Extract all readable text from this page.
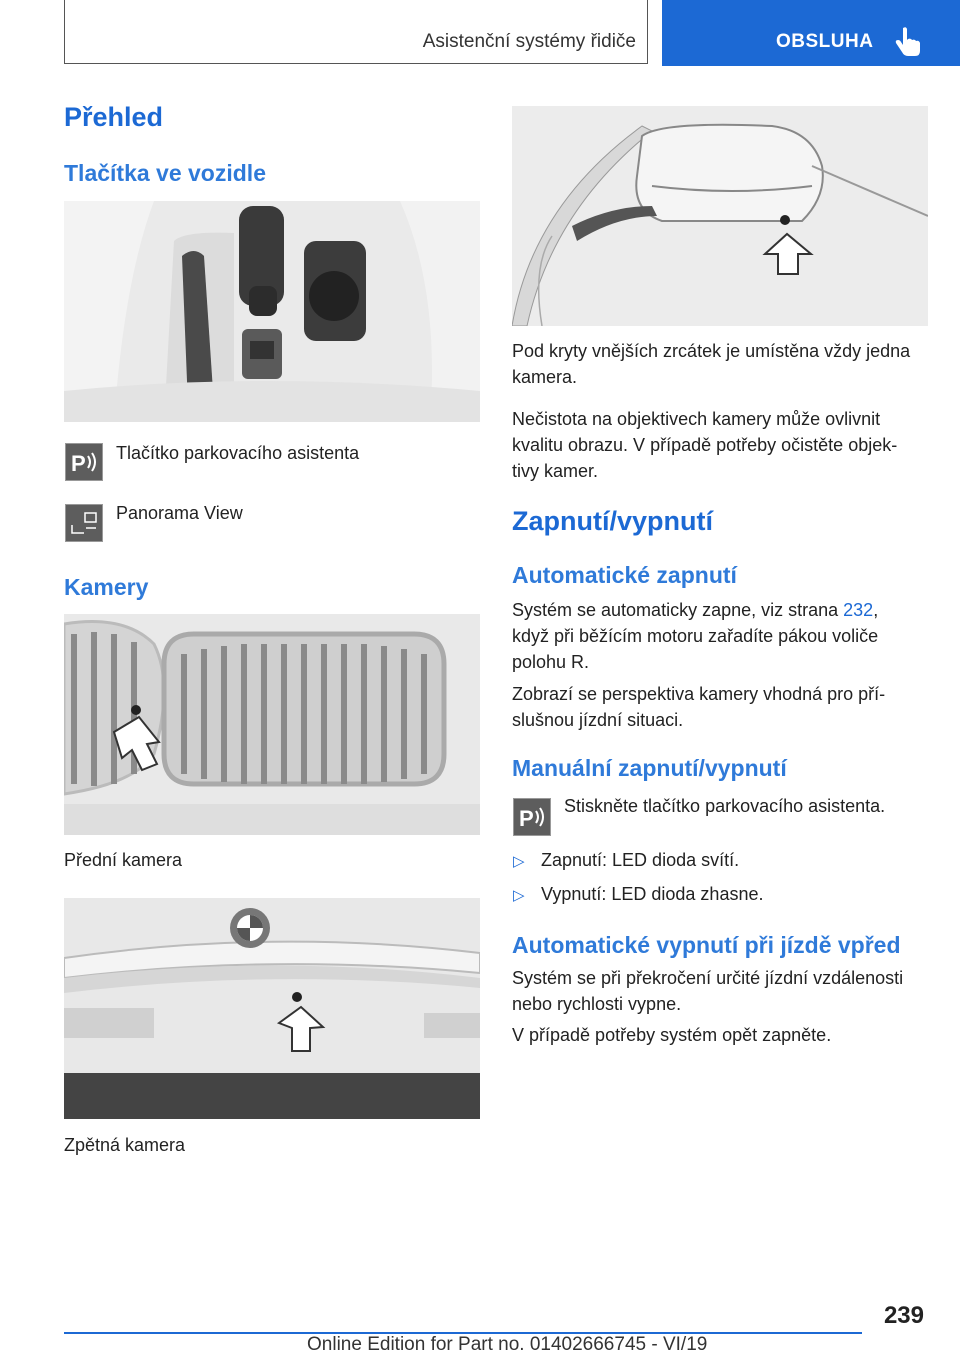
Asistenční systémy řidiče	OBSLUHA
Přehled
Tlačítka ve vozidle
P Tlačítko parkovacího asistenta
Panorama View
Kamery
Přední kamera
Zpětná kamera
Pod kryty vnějších zrcátek je umístěna vždy jedna kamera.
Nečistota na objektivech kamery může ovlivnit
kvalitu obrazu. V případě potřeby očistěte objek-
tivy kamer.
Zapnutí/vypnutí
Automatické zapnutí
Systém se automaticky zapne, viz strana 232,
když při běžícím motoru zařadíte pákou voliče
polohu R.
Zobrazí se perspektiva kamery vhodná pro pří-
slušnou jízdní situaci.
Manuální zapnutí/vypnutí
P Stiskněte tlačítko parkovacího asistenta.
▷ Zapnutí: LED dioda svítí.
▷ Vypnutí: LED dioda zhasne.
Automatické vypnutí při jízdě vpřed
Systém se při překročení určité jízdní vzdálenosti
nebo rychlosti vypne.
V případě potřeby systém opět zapněte.
239
Online Edition for Part no. 01402666745 - VI/19
